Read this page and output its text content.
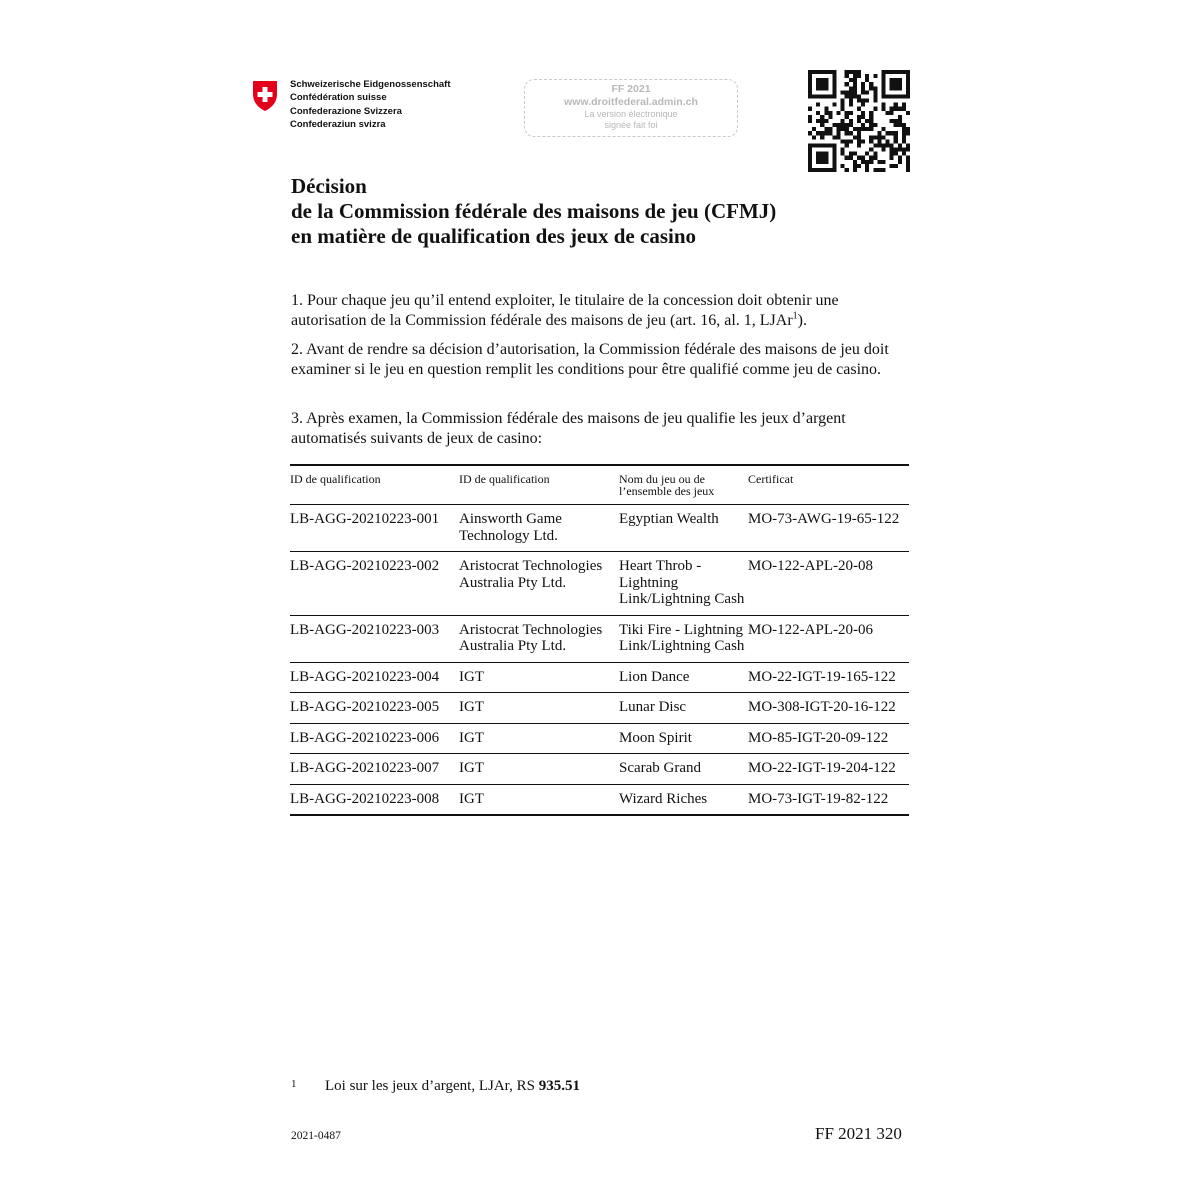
Schweizerische Eidgenossenschaft
Confédération suisse
Confederazione Svizzera
Confederaziun svizra
FF 2021
www.droitfederal.admin.ch
La version électronique
signée fait foi
Décision
de la Commission fédérale des maisons de jeu (CFMJ)
en matière de qualification des jeux de casino
1. Pour chaque jeu qu’il entend exploiter, le titulaire de la concession doit obtenir une autorisation de la Commission fédérale des maisons de jeu (art. 16, al. 1, LJAr$^1$).
2. Avant de rendre sa décision d’autorisation, la Commission fédérale des maisons de jeu doit examiner si le jeu en question remplit les conditions pour être qualifié comme jeu de casino.
3. Après examen, la Commission fédérale des maisons de jeu qualifie les jeux d’argent automatisés suivants de jeux de casino:
ID de qualification	ID de qualification	Nom du jeu ou de l’ensemble des jeux	Certificat
LB-AGG-20210223-001	Ainsworth Game Technology Ltd.	Egyptian Wealth	MO-73-AWG-19-65-122
LB-AGG-20210223-002	Aristocrat Technologies Australia Pty Ltd.	Heart Throb - Lightning Link/Lightning Cash	MO-122-APL-20-08
LB-AGG-20210223-003	Aristocrat Technologies Australia Pty Ltd.	Tiki Fire - Lightning Link/Lightning Cash	MO-122-APL-20-06
LB-AGG-20210223-004	IGT	Lion Dance	MO-22-IGT-19-165-122
LB-AGG-20210223-005	IGT	Lunar Disc	MO-308-IGT-20-16-122
LB-AGG-20210223-006	IGT	Moon Spirit	MO-85-IGT-20-09-122
LB-AGG-20210223-007	IGT	Scarab Grand	MO-22-IGT-19-204-122
LB-AGG-20210223-008	IGT	Wizard Riches	MO-73-IGT-19-82-122
1	Loi sur les jeux d’argent, LJAr, RS 935.51
2021-0487	FF 2021 320
